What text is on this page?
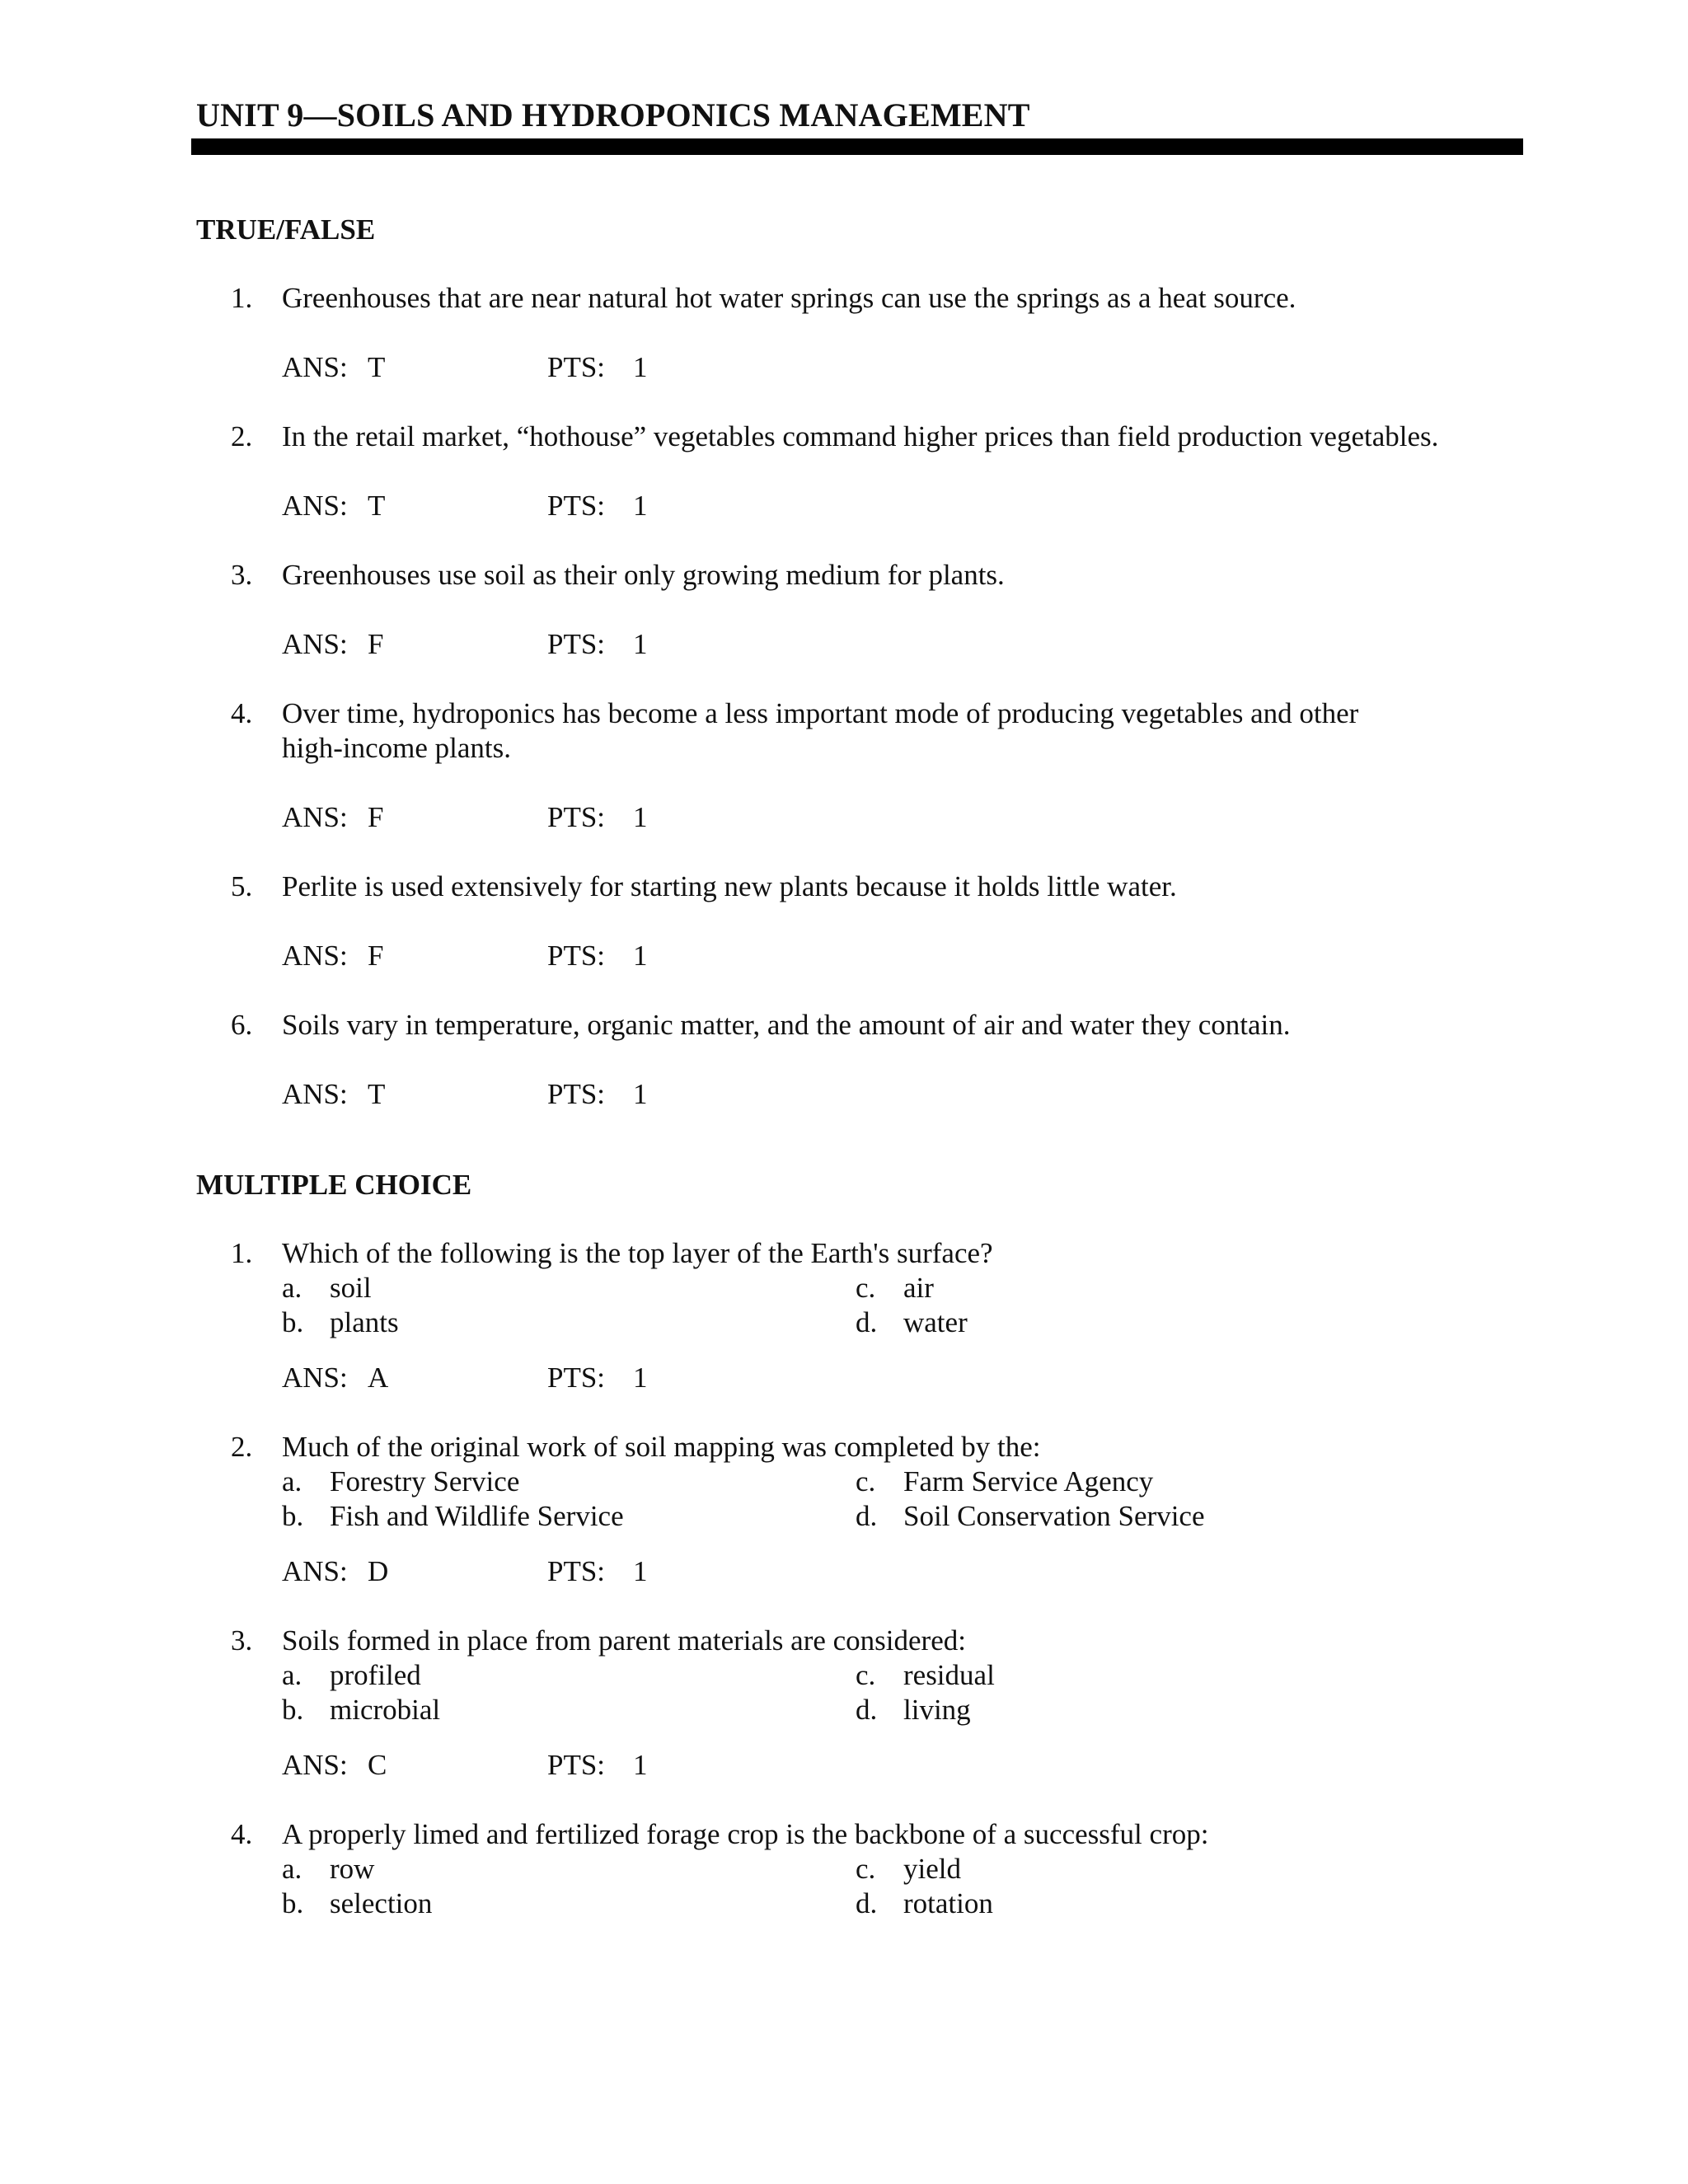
UNIT 9—SOILS AND HYDROPONICS MANAGEMENT
TRUE/FALSE
1. Greenhouses that are near natural hot water springs can use the springs as a heat source.
ANS: T	PTS: 1
2. In the retail market, “hothouse” vegetables command higher prices than field production vegetables.
ANS: T	PTS: 1
3. Greenhouses use soil as their only growing medium for plants.
ANS: F	PTS: 1
4. Over time, hydroponics has become a less important mode of producing vegetables and other high-income plants.
ANS: F	PTS: 1
5. Perlite is used extensively for starting new plants because it holds little water.
ANS: F	PTS: 1
6. Soils vary in temperature, organic matter, and the amount of air and water they contain.
ANS: T	PTS: 1
MULTIPLE CHOICE
1. Which of the following is the top layer of the Earth's surface?
a. soil
b. plants
c. air
d. water
ANS: A	PTS: 1
2. Much of the original work of soil mapping was completed by the:
a. Forestry Service
b. Fish and Wildlife Service
c. Farm Service Agency
d. Soil Conservation Service
ANS: D	PTS: 1
3. Soils formed in place from parent materials are considered:
a. profiled
b. microbial
c. residual
d. living
ANS: C	PTS: 1
4. A properly limed and fertilized forage crop is the backbone of a successful crop:
a. row
b. selection
c. yield
d. rotation
